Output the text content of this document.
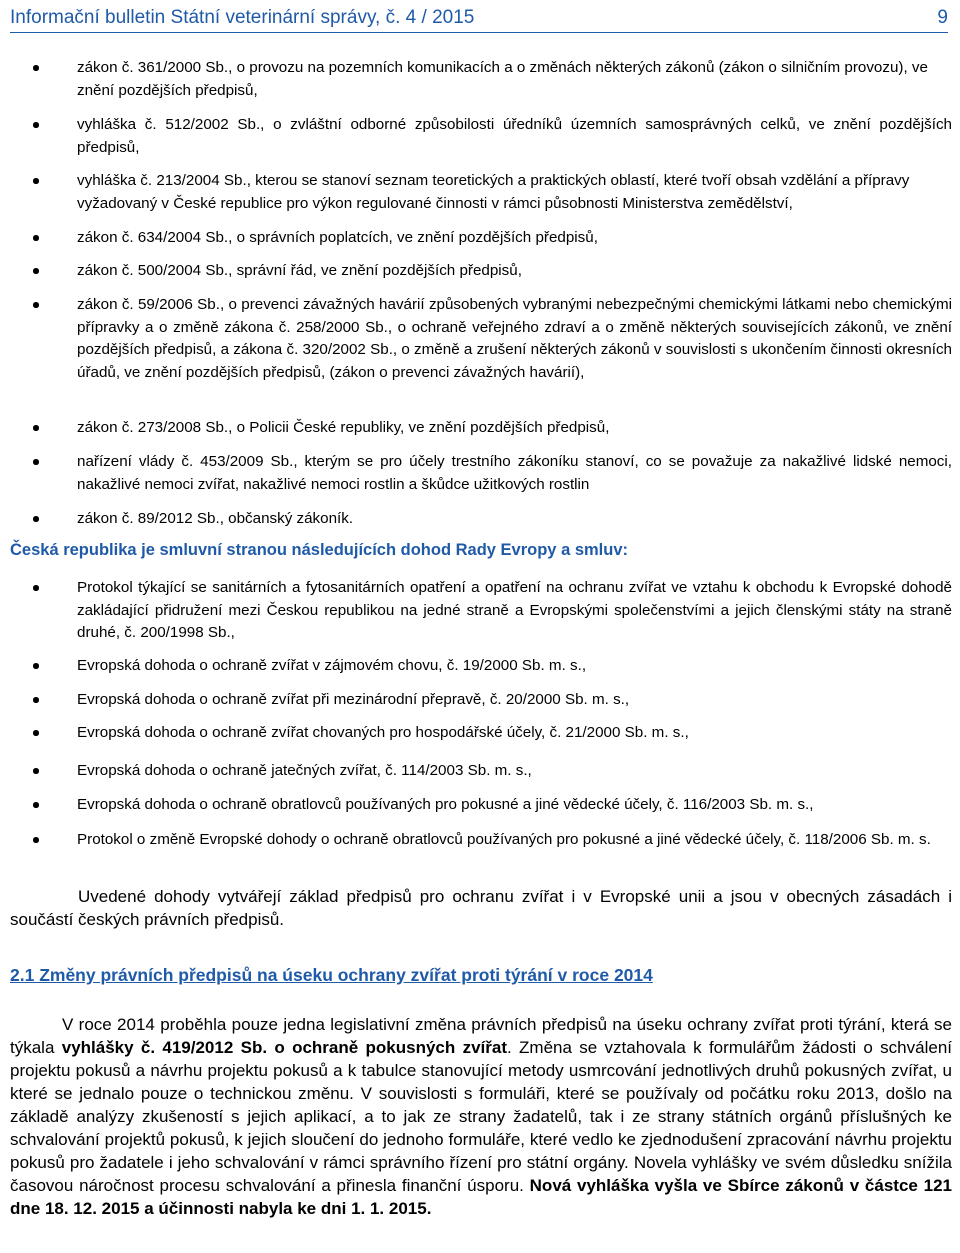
Informační bulletin Státní veterinární správy, č. 4 / 2015	9
zákon č. 361/2000 Sb., o provozu na pozemních komunikacích a o změnách některých zákonů (zákon o silničním provozu), ve znění pozdějších předpisů,
vyhláška č. 512/2002 Sb., o zvláštní odborné způsobilosti úředníků územních samosprávných celků, ve znění pozdějších předpisů,
vyhláška č. 213/2004 Sb., kterou se stanoví seznam teoretických a praktických oblastí, které tvoří obsah vzdělání a přípravy vyžadovaný v České republice pro výkon regulované činnosti v rámci působnosti Ministerstva zemědělství,
zákon č. 634/2004 Sb., o správních poplatcích, ve znění pozdějších předpisů,
zákon č. 500/2004 Sb., správní řád, ve znění pozdějších předpisů,
zákon č. 59/2006 Sb., o prevenci závažných havárií způsobených vybranými nebezpečnými chemickými látkami nebo chemickými přípravky a o změně zákona č. 258/2000 Sb., o ochraně veřejného zdraví a o změně některých souvisejících zákonů, ve znění pozdějších předpisů, a zákona č. 320/2002 Sb., o změně a zrušení některých zákonů v souvislosti s ukončením činnosti okresních úřadů, ve znění pozdějších předpisů, (zákon o prevenci závažných havárií),
zákon č. 273/2008 Sb., o Policii České republiky, ve znění pozdějších předpisů,
nařízení vlády č. 453/2009 Sb., kterým se pro účely trestního zákoníku stanoví, co se považuje za nakažlivé lidské nemoci, nakažlivé nemoci zvířat, nakažlivé nemoci rostlin a škůdce užitkových rostlin
zákon č. 89/2012 Sb., občanský zákoník.
Česká republika je smluvní stranou následujících dohod Rady Evropy a smluv:
Protokol týkající se sanitárních a fytosanitárních opatření a opatření na ochranu zvířat ve vztahu k obchodu k Evropské dohodě zakládající přidružení mezi Českou republikou na jedné straně a Evropskými společenstvími a jejich členskými státy na straně druhé, č. 200/1998 Sb.,
Evropská dohoda o ochraně zvířat v zájmovém chovu, č. 19/2000 Sb. m. s.,
Evropská dohoda o ochraně zvířat při mezinárodní přepravě, č. 20/2000 Sb. m. s.,
Evropská dohoda o ochraně zvířat chovaných pro hospodářské účely, č. 21/2000 Sb. m. s.,
Evropská dohoda o ochraně jatečných zvířat, č. 114/2003 Sb. m. s.,
Evropská dohoda o ochraně obratlovců používaných pro pokusné a jiné vědecké účely, č. 116/2003 Sb. m. s.,
Protokol o změně Evropské dohody o ochraně obratlovců používaných pro pokusné a jiné vědecké účely, č. 118/2006 Sb. m. s.
Uvedené dohody vytvářejí základ předpisů pro ochranu zvířat i v Evropské unii a jsou v obecných zásadách i součástí českých právních předpisů.
2.1 Změny právních předpisů na úseku ochrany zvířat proti týrání v roce 2014
V roce 2014 proběhla pouze jedna legislativní změna právních předpisů na úseku ochrany zvířat proti týrání, která se týkala vyhlášky č. 419/2012 Sb. o ochraně pokusných zvířat. Změna se vztahovala k formulářům žádosti o schválení projektu pokusů a návrhu projektu pokusů a k tabulce stanovující metody usmrcování jednotlivých druhů pokusných zvířat, u které se jednalo pouze o technickou změnu. V souvislosti s formuláři, které se používaly od počátku roku 2013, došlo na základě analýzy zkušeností s jejich aplikací, a to jak ze strany žadatelů, tak i ze strany státních orgánů příslušných ke schvalování projektů pokusů, k jejich sloučení do jednoho formuláře, které vedlo ke zjednodušení zpracování návrhu projektu pokusů pro žadatele i jeho schvalování v rámci správního řízení pro státní orgány. Novela vyhlášky ve svém důsledku snížila časovou náročnost procesu schvalování a přinesla finanční úsporu. Nová vyhláška vyšla ve Sbírce zákonů v částce 121 dne 18. 12. 2015 a účinnosti nabyla ke dni 1. 1. 2015.
